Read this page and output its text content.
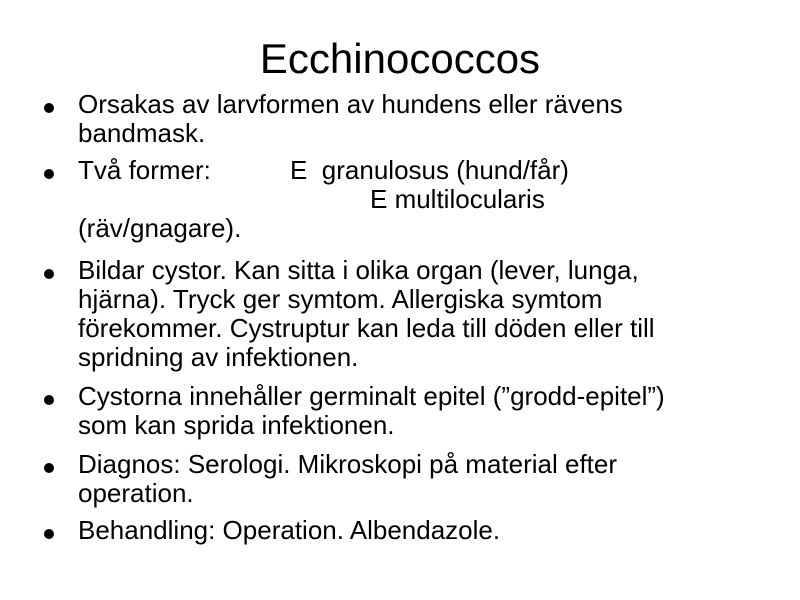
Ecchinococcos
Orsakas av larvformen av hundens eller rävens bandmask.

Två former:

	E  granulosus (hund/får)

E multilocularis

(räv/gnagare).

Bildar cystor. Kan sitta i olika organ (lever, lunga, hjärna). Tryck ger symtom. Allergiska symtom förekommer. Cystruptur kan leda till döden eller till spridning av infektionen.
Cystorna innehåller germinalt epitel (”grodd-epitel”) som kan sprida infektionen.
Diagnos: Serologi. Mikroskopi på material efter operation.
Behandling: Operation. Albendazole.
